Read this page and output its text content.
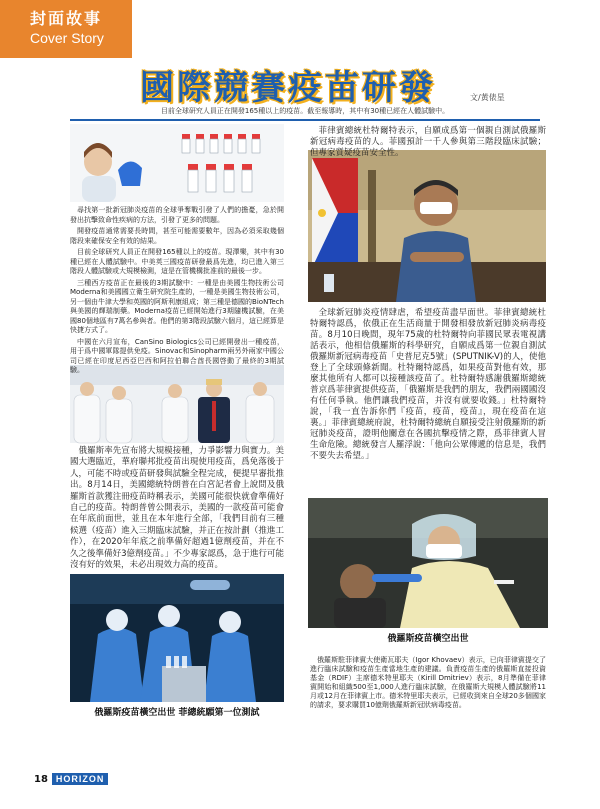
封面故事
Cover Story
國際競賽疫苗研發	文/黃俵星
目前全球研究人員正在開發165種以上的疫苗。截至報導時，其中有30種已經在人體試驗中。

尋找第一批新冠肺炎疫苗的全球爭奪戰引發了人們的擔憂，急於開發出抗擊致命性疾病的方法，引發了更多的問題。

開發疫苗通常需要長時間，甚至可能需要數年，因為必須采取幾個階段來確保安全有效的結果。

目前全球研究人員正在開發165種以上的疫苗。現澤樂，其中有30種已經在人體試驗中。中美英三國疫苗研發最爲先進，均已進入第三階段人體試驗或大規模檢測，這是在管機構批准前的最後一步。

三種西方疫苗正在最後的3期試驗中：一種是由美國生物技術公司Moderna和美國國立衛生研究院生產的，一種是美國生物技術公司，另一個由牛津大學和英國的阿斯利康組成；第三種是德國的BioNTech與美國的輝瑞制藥。Moderna疫苗已經開始進行3期隨機試驗，在美國80個地區有7萬名參與者。他們的第3階段試驗六個月，這已經算是快捷方式了。

中國在六月宣布，CanSino Biologics公司已經開發出一種疫苗，用于爲中國軍隊提供免疫。Sinovac和Sinopharm兩另外兩家中國公司已經在印度尼西亞巴西和阿拉伯聯合酋長國啓動了最終的3期試驗。

俄羅斯率先宣布將大規模接種，力爭影響力與實力。美國大選臨近，華府聯邦批疫苗出現使用疫苗，爲免落後于人，可能不時或疫苗研發與試驗全程完成，便提早審批推出。8月14日，美國總統特朗普在白宮記者會上說問及俄羅斯首款獲注冊疫苗時稱表示，美國可能很快就會準備好自己的疫苗。特朗普曾公開表示，美國的一款疫苗可能會在年底前面世，並且在本年進行全部，「我們目前有三種候選（疫苗）進入三期臨床試驗，并正在按計劃（推進工作），在2020年年底之前準備好超過1億劑疫苗，并在不久之後準備好3億劑疫苗。」不少專家認爲，急于進行可能沒有好的效果，未必出現效力高的疫苗。

菲律賓總統杜特爾特表示，自願成爲第一個親自測試俄羅斯新冠病毒疫苗的人。菲國預計一千人參與第三階段臨床試驗；但專家質疑疫苗安全性。

全球新冠肺炎疫情肆虐，希望疫苗盡早面世。菲律賓總統杜特爾特認爲，依俄正在生活商量于開發相發放新冠肺炎病毒疫苗。8月10日晚間，現年75歲的杜特爾特向菲國民眾表電視講話表示，他相信俄羅斯的科學研究，自願成爲第一位親自測試俄羅斯新冠病毒疫苗「史普尼克5號」(SPUTNIK-V)的人，使他登上了全球頭條新聞。杜特爾特認爲，如果疫苗對他有效，那麼其他所有人都可以接種該疫苗了。杜特爾特感謝俄羅斯總統普京爲菲律賓提供疫苗，「俄羅斯是我們的朋友，我們兩國國沒有任何爭執。他們讓我們疫苗，并沒有就要收錢。」杜特爾特說，「我一直告訴你們『疫苗，疫苗，疫苗』，現在疫苗在這裏。」菲律賓總統府說，杜特爾特總統自願接受注射俄羅斯的新冠肺炎疫苗，證明他關意在各國抗擊疫情之際，爲菲律賓人冒生命危險。總統發言人羅浮說：「他向公眾傳遞的信息是，我們不要失去希望。」

俄羅斯駐菲律賓大使衛瓦耶夫（Igor Khovaev）表示，已向菲律賓提交了進行臨床試驗和疫苗生產當地生產的建議。負責疫苗生產的俄羅斯直接投資基金（RDIF）主席德米特里耶夫（Kirill Dmitriev）表示，8月準備在菲律賓開始和組織500至1,000人進行臨床試驗，在俄羅斯大規模人體試驗將11月或12月在菲律賓上市。德米特里耶夫表示，已經收到來自全球20多個國家的請求，要求購買10億劑俄羅斯新冠狀病毒疫苗。

俄羅斯疫苗橫空出世 菲總統願第一位測試
俄羅斯疫苗橫空出世
18 HORIZON
